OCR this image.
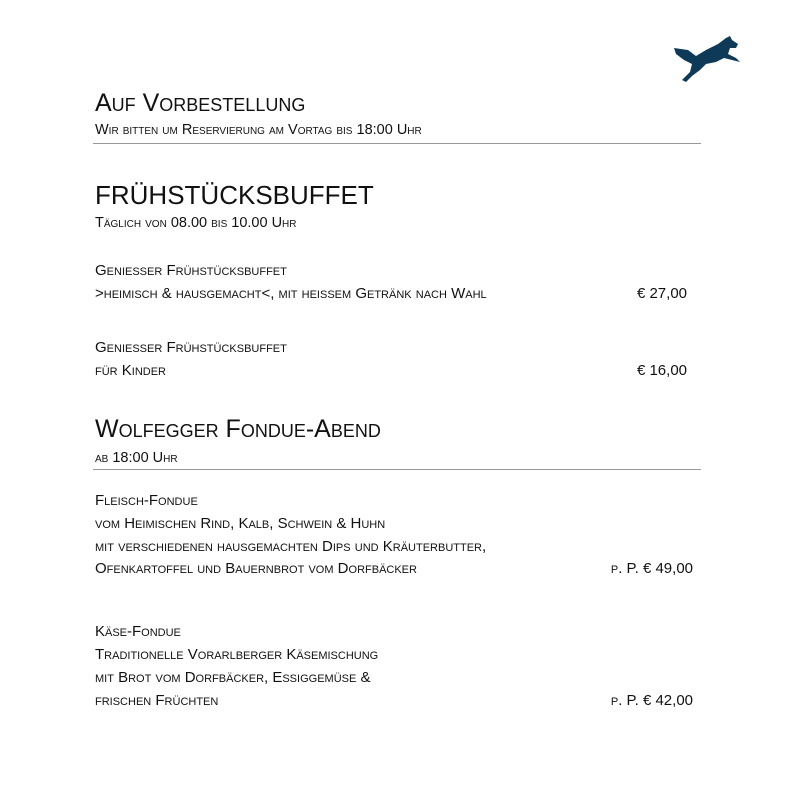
Auf Vorbestellung
Wir bitten um Reservierung am Vortag bis 18:00 Uhr
FRÜHSTÜCKSBUFFET
Täglich von 08.00 bis 10.00 Uhr
Genießer Frühstücksbuffet
>heimisch & hausgemacht<, mit heißem Getränk nach Wahl	€ 27,00
Genießer Frühstücksbuffet
für Kinder	€ 16,00
Wolfegger Fondue-Abend
ab 18:00 Uhr
Fleisch-Fondue
vom Heimischen Rind, Kalb, Schwein & Huhn
mit verschiedenen hausgemachten Dips und Kräuterbutter,
Ofenkartoffel und Bauernbrot vom Dorfbäcker	p. P. € 49,00
Käse-Fondue
Traditionelle Vorarlberger Käsemischung
mit Brot vom Dorfbäcker, Essiggemüse &
frischen Früchten	p. P. € 42,00
